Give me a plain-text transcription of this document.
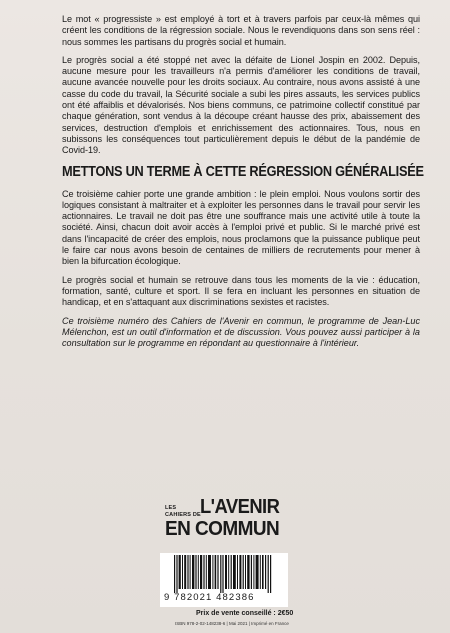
Le mot « progressiste » est employé à tort et à travers parfois par ceux-là mêmes qui créent les conditions de la régression sociale. Nous le revendiquons dans son sens réel : nous sommes les partisans du progrès social et humain.

Le progrès social a été stoppé net avec la défaite de Lionel Jospin en 2002. Depuis, aucune mesure pour les travailleurs n'a permis d'améliorer les conditions de travail, aucune avancée nouvelle pour les droits sociaux. Au contraire, nous avons assisté à une casse du code du travail, la Sécurité sociale a subi les pires assauts, les services publics ont été affaiblis et dévalorisés. Nos biens communs, ce patrimoine collectif constitué par chaque génération, sont vendus à la découpe créant hausse des prix, abaissement des services, destruction d'emplois et enrichissement des actionnaires. Tous, nous en subissons les conséquences tout particulièrement depuis le début de la pandémie de Covid-19.

METTONS UN TERME À CETTE RÉGRESSION GÉNÉRALISÉE

Ce troisième cahier porte une grande ambition : le plein emploi. Nous voulons sortir des logiques consistant à maltraiter et à exploiter les personnes dans le travail pour servir les actionnaires. Le travail ne doit pas être une souffrance mais une activité utile à toute la société. Ainsi, chacun doit avoir accès à l'emploi privé et public. Si le marché privé est dans l'incapacité de créer des emplois, nous proclamons que la puissance publique peut le faire car nous avons besoin de centaines de milliers de recrutements pour mener à bien la bifurcation écologique.

Le progrès social et humain se retrouve dans tous les moments de la vie : éducation, formation, santé, culture et sport. Il se fera en incluant les personnes en situation de handicap, et en s'attaquant aux discriminations sexistes et racistes.

Ce troisième numéro des Cahiers de l'Avenir en commun, le programme de Jean-Luc Mélenchon, est un outil d'information et de discussion. Vous pouvez aussi participer à la consultation sur le programme en répondant au questionnaire à l'intérieur.

LES
CAHIERS DE L'AVENIR
EN COMMUN
9 782021 482386
Prix de vente conseillé : 2€50
ISBN 978-2-02-148238-6 | Mai 2021 | Imprimé en France
